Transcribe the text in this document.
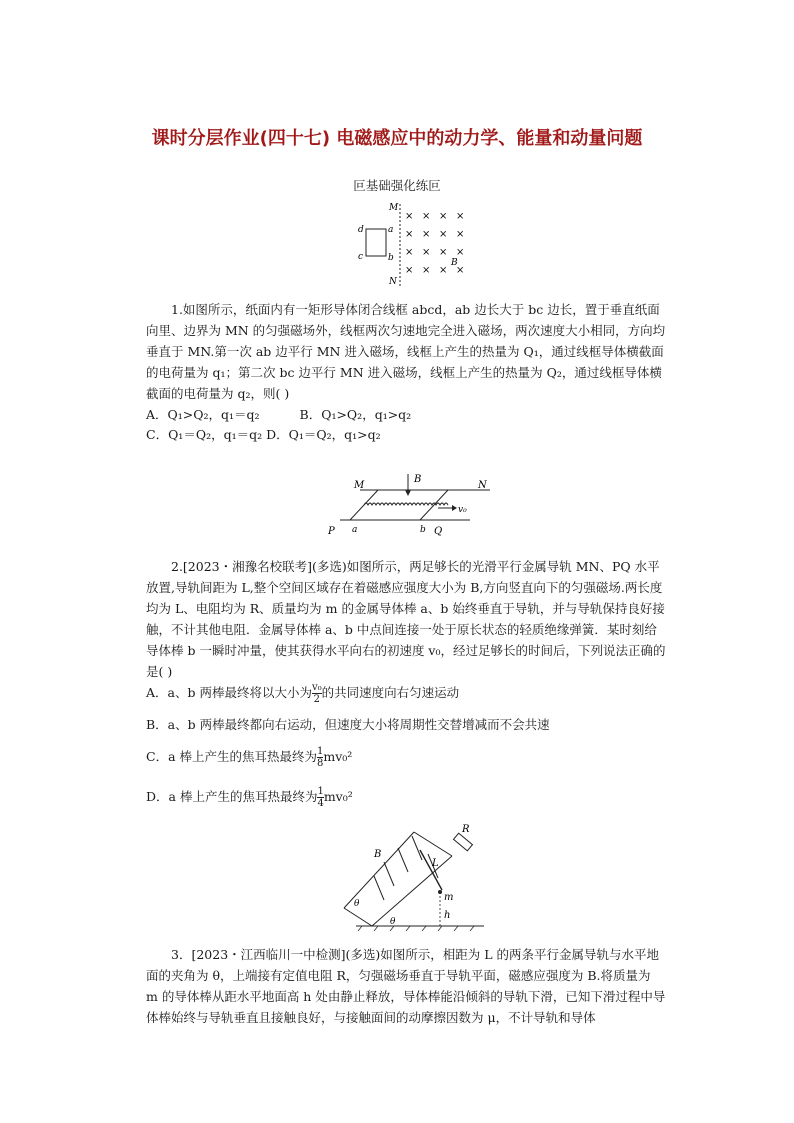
课时分层作业(四十七) 电磁感应中的动力学、能量和动量问题
叵基础强化练叵
M
N
d
c
a
b	B
× × × ×
× × × ×
× × × ×
× × × ×
1.如图所示，纸面内有一矩形导体闭合线框 abcd，ab 边长大于 bc 边长，置于垂直纸面向里、边界为 MN 的匀强磁场外，线框两次匀速地完全进入磁场，两次速度大小相同，方向均垂直于 MN.第一次 ab 边平行 MN 进入磁场，线框上产生的热量为 Q₁，通过线框导体横截面的电荷量为 q₁；第二次 bc 边平行 MN 进入磁场，线框上产生的热量为 Q₂，通过线框导体横截面的电荷量为 q₂，则( )
A．Q₁>Q₂，q₁＝q₂	B．Q₁>Q₂，q₁>q₂
C．Q₁＝Q₂，q₁＝q₂ D．Q₁＝Q₂，q₁>q₂
M	N
P	Q
a	b
B
v₀
2.[2023・湘豫名校联考](多选)如图所示，两足够长的光滑平行金属导轨 MN、PQ 水平放置,导轨间距为 L,整个空间区域存在着磁感应强度大小为 B,方向竖直向下的匀强磁场.两长度均为 L、电阻均为 R、质量均为 m 的金属导体棒 a、b 始终垂直于导轨，并与导轨保持良好接触，不计其他电阻．金属导体棒 a、b 中点间连接一处于原长状态的轻质绝缘弹簧．某时刻给导体棒 b 一瞬时冲量，使其获得水平向右的初速度 v₀，经过足够长的时间后，下列说法正确的是( )
A．a、b 两棒最终将以大小为 $\frac{\text{v₀}}{2}$ 的共同速度向右匀速运动
B．a、b 两棒最终都向右运动，但速度大小将周期性交替增减而不会共速
C．a 棒上产生的焦耳热最终为 $\frac{1}{8} mv_0^2$
D．a 棒上产生的焦耳热最终为 $\frac{1}{4} mv_0^2$
B
R
L
m
h
θ
θ
3．[2023・江西临川一中检测](多选)如图所示，相距为 L 的两条平行金属导轨与水平地面的夹角为 θ，上端接有定值电阻 R，匀强磁场垂直于导轨平面，磁感应强度为 B.将质量为 m 的导体棒从距水平地面高 h 处由静止释放，导体棒能沿倾斜的导轨下滑，已知下滑过程中导体棒始终与导轨垂直且接触良好，与接触面间的动摩擦因数为 μ，不计导轨和导体
